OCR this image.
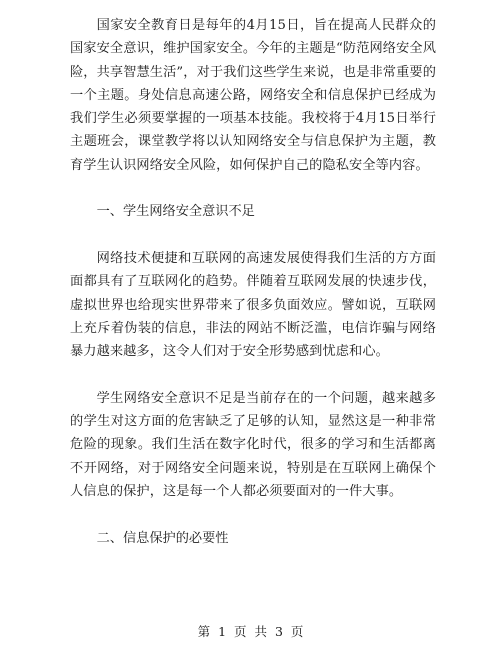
国家安全教育日是每年的4月15日，旨在提高人民群众的国家安全意识，维护国家安全。今年的主题是“防范网络安全风险，共享智慧生活”，对于我们这些学生来说，也是非常重要的一个主题。身处信息高速公路，网络安全和信息保护已经成为我们学生必须要掌握的一项基本技能。我校将于4月15日举行主题班会，课堂教学将以认知网络安全与信息保护为主题，教育学生认识网络安全风险，如何保护自己的隐私安全等内容。

一、学生网络安全意识不足

网络技术便捷和互联网的高速发展使得我们生活的方方面面都具有了互联网化的趋势。伴随着互联网发展的快速步伐，虚拟世界也给现实世界带来了很多负面效应。譬如说，互联网上充斥着伪装的信息，非法的网站不断泛滥，电信诈骗与网络暴力越来越多，这令人们对于安全形势感到忧虑和心。

学生网络安全意识不足是当前存在的一个问题，越来越多的学生对这方面的危害缺乏了足够的认知，显然这是一种非常危险的现象。我们生活在数字化时代，很多的学习和生活都离不开网络，对于网络安全问题来说，特别是在互联网上确保个人信息的保护，这是每一个人都必须要面对的一件大事。

二、信息保护的必要性

第 1 页 共 3 页
